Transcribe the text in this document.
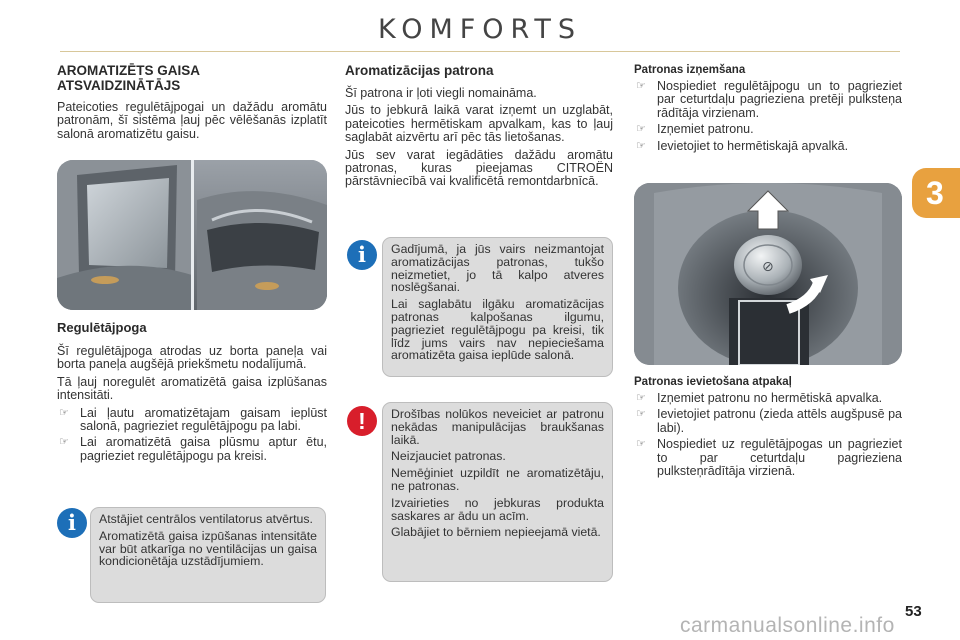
KOMFORTS
3
AROMATIZĒTS GAISA
ATSVAIDZINĀTĀJS

Pateicoties regulētājpogai un dažādu aromātu patronām, šī sistēma ļauj pēc vēlēšanās izplatīt salonā aromatizētu gaisu.

Regulētājpoga

Šī regulētājpoga atrodas uz borta paneļa vai borta paneļa augšējā priekšmetu nodalījumā.

Tā ļauj noregulēt aromatizētā gaisa izplūšanas intensitāti.

☞ Lai ļautu aromatizētajam gaisam ieplūst salonā, pagrieziet regulētājpogu pa labi.
☞ Lai aromatizētā gaisa plūsmu aptur ētu, pagrieziet regulētājpogu pa kreisi.

Atstājiet centrālos ventilatorus atvērtus.

Aromatizētā gaisa izpūšanas intensitāte var būt atkarīga no ventilācijas un gaisa kondicionētāja uzstādījumiem.

i
Aromatizācijas patrona

Šī patrona ir ļoti viegli nomaināma.

Jūs to jebkurā laikā varat izņemt un uzglabāt, pateicoties hermētiskam apvalkam, kas to ļauj saglabāt aizvērtu arī pēc tās lietošanas.

Jūs sev varat iegādāties dažādu aromātu patronas, kuras pieejamas CITROËN pārstāvniecībā vai kvalificētā remontdarbnīcā.

Gadījumā, ja jūs vairs neizmantojat aromatizācijas patronas, tukšo neizmetiet, jo tā kalpo atveres noslēgšanai.

Lai saglabātu ilgāku aromatizācijas patronas kalpošanas ilgumu, pagrieziet regulētājpogu pa kreisi, tik līdz jums vairs nav nepieciešama aromatizēta gaisa ieplūde salonā.

i

Drošības nolūkos neveiciet ar patronu nekādas manipulācijas braukšanas laikā.

Neizjauciet patronas.

Nemēģiniet uzpildīt ne aromatizētāju, ne patronas.

Izvairieties no jebkuras produkta saskares ar ādu un acīm.

Glabājiet to bērniem nepieejamā vietā.

!
Patronas izņemšana
☞ Nospiediet regulētājpogu un to pagrieziet par ceturtdaļu pagrieziena pretēji pulksteņa rādītāja virzienam.
☞ Izņemiet patronu.
☞ Ievietojiet to hermētiskajā apvalkā.
⊘
Patronas ievietošana atpakaļ
☞ Izņemiet patronu no hermētiskā apvalka.
☞ Ievietojiet patronu (zieda attēls augšpusē pa labi).
☞ Nospiediet uz regulētājpogas un pagrieziet to par ceturtdaļu pagrieziena pulksteņrādītāja virzienā.
53
carmanualsonline.info
